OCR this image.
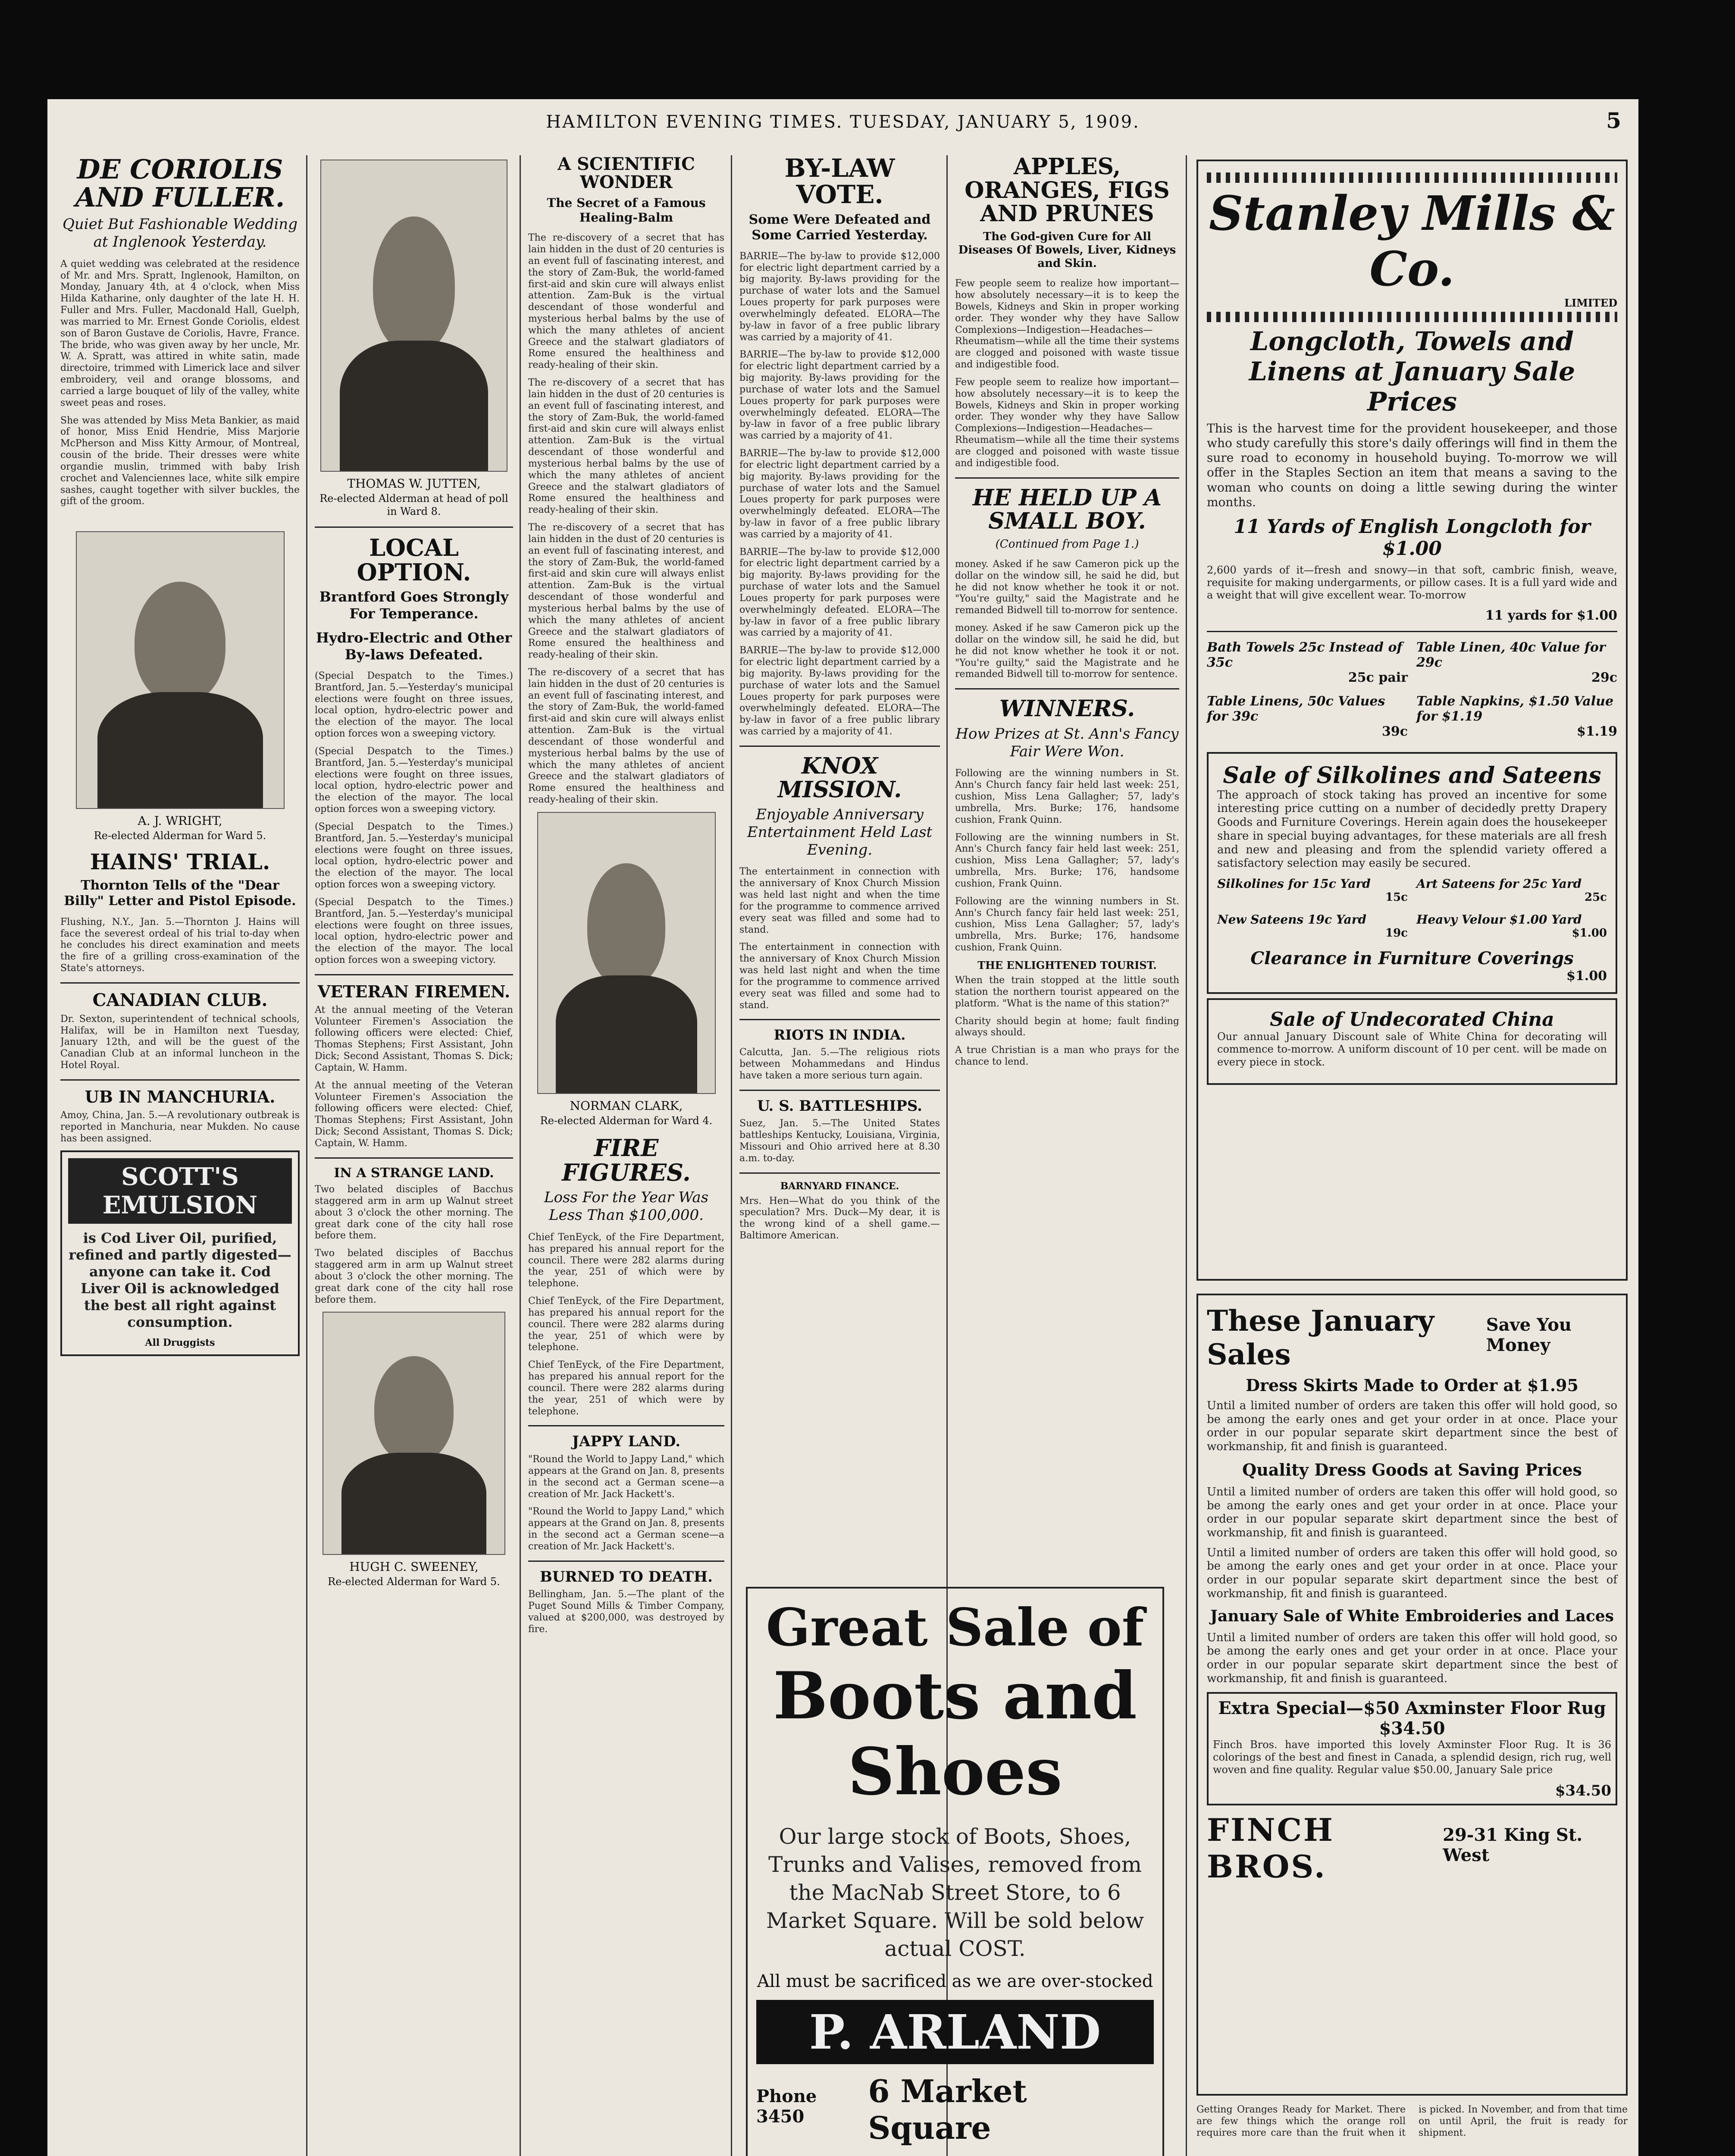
HAMILTON EVENING TIMES. TUESDAY, JANUARY 5, 1909.	5
DE CORIOLIS AND FULLER.
Quiet But Fashionable Wedding at Inglenook Yesterday.

A quiet wedding was celebrated at the residence of Mr. and Mrs. Spratt, Inglenook, Hamilton, on Monday, January 4th, at 4 o'clock, when Miss Hilda Katharine, only daughter of the late H. H. Fuller and Mrs. Fuller, Macdonald Hall, Guelph, was married to Mr. Ernest Gonde Coriolis, eldest son of Baron Gustave de Coriolis, Havre, France. The bride, who was given away by her uncle, Mr. W. A. Spratt, was attired in white satin, made directoire, trimmed with Limerick lace and silver embroidery, veil and orange blossoms, and carried a large bouquet of lily of the valley, white sweet peas and roses.

She was attended by Miss Meta Bankier, as maid of honor, Miss Enid Hendrie, Miss Marjorie McPherson and Miss Kitty Armour, of Montreal, cousin of the bride. Their dresses were white organdie muslin, trimmed with baby Irish crochet and Valenciennes lace, white silk empire sashes, caught together with silver buckles, the gift of the groom.

A. J. WRIGHT,
Re-elected Alderman for Ward 5.
HAINS' TRIAL.
Thornton Tells of the "Dear Billy" Letter and Pistol Episode.

Flushing, N.Y., Jan. 5.—Thornton J. Hains will face the severest ordeal of his trial to-day when he concludes his direct examination and meets the fire of a grilling cross-examination of the State's attorneys.

CANADIAN CLUB.

Dr. Sexton, superintendent of technical schools, Halifax, will be in Hamilton next Tuesday, January 12th, and will be the guest of the Canadian Club at an informal luncheon in the Hotel Royal.

UB IN MANCHURIA.

Amoy, China, Jan. 5.—A revolutionary outbreak is reported in Manchuria, near Mukden. No cause has been assigned.

SCOTT'S EMULSION

is Cod Liver Oil, purified, refined and partly digested—anyone can take it. Cod Liver Oil is acknowledged the best all right against consumption.

All Druggists
THOMAS W. JUTTEN,
Re-elected Alderman at head of poll in Ward 8.
LOCAL OPTION.
Brantford Goes Strongly For Temperance.
Hydro-Electric and Other By-laws Defeated.

(Special Despatch to the Times.) Brantford, Jan. 5.—Yesterday's municipal elections were fought on three issues, local option, hydro-electric power and the election of the mayor. The local option forces won a sweeping victory.

(Special Despatch to the Times.) Brantford, Jan. 5.—Yesterday's municipal elections were fought on three issues, local option, hydro-electric power and the election of the mayor. The local option forces won a sweeping victory.

(Special Despatch to the Times.) Brantford, Jan. 5.—Yesterday's municipal elections were fought on three issues, local option, hydro-electric power and the election of the mayor. The local option forces won a sweeping victory.

(Special Despatch to the Times.) Brantford, Jan. 5.—Yesterday's municipal elections were fought on three issues, local option, hydro-electric power and the election of the mayor. The local option forces won a sweeping victory.

VETERAN FIREMEN.

At the annual meeting of the Veteran Volunteer Firemen's Association the following officers were elected: Chief, Thomas Stephens; First Assistant, John Dick; Second Assistant, Thomas S. Dick; Captain, W. Hamm.

At the annual meeting of the Veteran Volunteer Firemen's Association the following officers were elected: Chief, Thomas Stephens; First Assistant, John Dick; Second Assistant, Thomas S. Dick; Captain, W. Hamm.

IN A STRANGE LAND.

Two belated disciples of Bacchus staggered arm in arm up Walnut street about 3 o'clock the other morning. The great dark cone of the city hall rose before them.

Two belated disciples of Bacchus staggered arm in arm up Walnut street about 3 o'clock the other morning. The great dark cone of the city hall rose before them.

HUGH C. SWEENEY,
Re-elected Alderman for Ward 5.
A SCIENTIFIC WONDER
The Secret of a Famous Healing-Balm

The re-discovery of a secret that has lain hidden in the dust of 20 centuries is an event full of fascinating interest, and the story of Zam-Buk, the world-famed first-aid and skin cure will always enlist attention. Zam-Buk is the virtual descendant of those wonderful and mysterious herbal balms by the use of which the many athletes of ancient Greece and the stalwart gladiators of Rome ensured the healthiness and ready-healing of their skin.

The re-discovery of a secret that has lain hidden in the dust of 20 centuries is an event full of fascinating interest, and the story of Zam-Buk, the world-famed first-aid and skin cure will always enlist attention. Zam-Buk is the virtual descendant of those wonderful and mysterious herbal balms by the use of which the many athletes of ancient Greece and the stalwart gladiators of Rome ensured the healthiness and ready-healing of their skin.

The re-discovery of a secret that has lain hidden in the dust of 20 centuries is an event full of fascinating interest, and the story of Zam-Buk, the world-famed first-aid and skin cure will always enlist attention. Zam-Buk is the virtual descendant of those wonderful and mysterious herbal balms by the use of which the many athletes of ancient Greece and the stalwart gladiators of Rome ensured the healthiness and ready-healing of their skin.

The re-discovery of a secret that has lain hidden in the dust of 20 centuries is an event full of fascinating interest, and the story of Zam-Buk, the world-famed first-aid and skin cure will always enlist attention. Zam-Buk is the virtual descendant of those wonderful and mysterious herbal balms by the use of which the many athletes of ancient Greece and the stalwart gladiators of Rome ensured the healthiness and ready-healing of their skin.

NORMAN CLARK,
Re-elected Alderman for Ward 4.
FIRE FIGURES.
Loss For the Year Was Less Than $100,000.

Chief TenEyck, of the Fire Department, has prepared his annual report for the council. There were 282 alarms during the year, 251 of which were by telephone.

Chief TenEyck, of the Fire Department, has prepared his annual report for the council. There were 282 alarms during the year, 251 of which were by telephone.

Chief TenEyck, of the Fire Department, has prepared his annual report for the council. There were 282 alarms during the year, 251 of which were by telephone.

JAPPY LAND.

"Round the World to Jappy Land," which appears at the Grand on Jan. 8, presents in the second act a German scene—a creation of Mr. Jack Hackett's.

"Round the World to Jappy Land," which appears at the Grand on Jan. 8, presents in the second act a German scene—a creation of Mr. Jack Hackett's.

BURNED TO DEATH.

Bellingham, Jan. 5.—The plant of the Puget Sound Mills & Timber Company, valued at $200,000, was destroyed by fire.

BY-LAW VOTE.
Some Were Defeated and Some Carried Yesterday.

BARRIE—The by-law to provide $12,000 for electric light department carried by a big majority. By-laws providing for the purchase of water lots and the Samuel Loues property for park purposes were overwhelmingly defeated. ELORA—The by-law in favor of a free public library was carried by a majority of 41.

BARRIE—The by-law to provide $12,000 for electric light department carried by a big majority. By-laws providing for the purchase of water lots and the Samuel Loues property for park purposes were overwhelmingly defeated. ELORA—The by-law in favor of a free public library was carried by a majority of 41.

BARRIE—The by-law to provide $12,000 for electric light department carried by a big majority. By-laws providing for the purchase of water lots and the Samuel Loues property for park purposes were overwhelmingly defeated. ELORA—The by-law in favor of a free public library was carried by a majority of 41.

BARRIE—The by-law to provide $12,000 for electric light department carried by a big majority. By-laws providing for the purchase of water lots and the Samuel Loues property for park purposes were overwhelmingly defeated. ELORA—The by-law in favor of a free public library was carried by a majority of 41.

BARRIE—The by-law to provide $12,000 for electric light department carried by a big majority. By-laws providing for the purchase of water lots and the Samuel Loues property for park purposes were overwhelmingly defeated. ELORA—The by-law in favor of a free public library was carried by a majority of 41.

KNOX MISSION.
Enjoyable Anniversary Entertainment Held Last Evening.

The entertainment in connection with the anniversary of Knox Church Mission was held last night and when the time for the programme to commence arrived every seat was filled and some had to stand.

The entertainment in connection with the anniversary of Knox Church Mission was held last night and when the time for the programme to commence arrived every seat was filled and some had to stand.

RIOTS IN INDIA.

Calcutta, Jan. 5.—The religious riots between Mohammedans and Hindus have taken a more serious turn again.

U. S. BATTLESHIPS.

Suez, Jan. 5.—The United States battleships Kentucky, Louisiana, Virginia, Missouri and Ohio arrived here at 8.30 a.m. to-day.

BARNYARD FINANCE.

Mrs. Hen—What do you think of the speculation? Mrs. Duck—My dear, it is the wrong kind of a shell game.—Baltimore American.

APPLES, ORANGES, FIGS AND PRUNES
The God-given Cure for All Diseases Of Bowels, Liver, Kidneys and Skin.

Few people seem to realize how important—how absolutely necessary—it is to keep the Bowels, Kidneys and Skin in proper working order. They wonder why they have Sallow Complexions—Indigestion—Headaches—Rheumatism—while all the time their systems are clogged and poisoned with waste tissue and indigestible food.

Few people seem to realize how important—how absolutely necessary—it is to keep the Bowels, Kidneys and Skin in proper working order. They wonder why they have Sallow Complexions—Indigestion—Headaches—Rheumatism—while all the time their systems are clogged and poisoned with waste tissue and indigestible food.

HE HELD UP A SMALL BOY.
(Continued from Page 1.)

money. Asked if he saw Cameron pick up the dollar on the window sill, he said he did, but he did not know whether he took it or not. "You're guilty," said the Magistrate and he remanded Bidwell till to-morrow for sentence.

money. Asked if he saw Cameron pick up the dollar on the window sill, he said he did, but he did not know whether he took it or not. "You're guilty," said the Magistrate and he remanded Bidwell till to-morrow for sentence.

WINNERS.
How Prizes at St. Ann's Fancy Fair Were Won.

Following are the winning numbers in St. Ann's Church fancy fair held last week: 251, cushion, Miss Lena Gallagher; 57, lady's umbrella, Mrs. Burke; 176, handsome cushion, Frank Quinn.

Following are the winning numbers in St. Ann's Church fancy fair held last week: 251, cushion, Miss Lena Gallagher; 57, lady's umbrella, Mrs. Burke; 176, handsome cushion, Frank Quinn.

Following are the winning numbers in St. Ann's Church fancy fair held last week: 251, cushion, Miss Lena Gallagher; 57, lady's umbrella, Mrs. Burke; 176, handsome cushion, Frank Quinn.

THE ENLIGHTENED TOURIST.

When the train stopped at the little south station the northern tourist appeared on the platform. "What is the name of this station?"

Charity should begin at home; fault finding always should.

A true Christian is a man who prays for the chance to lend.

Great Sale of
Boots and Shoes

Our large stock of Boots, Shoes, Trunks and Valises, removed from the MacNab Street Store, to 6 Market Square. Will be sold below actual COST.

All must be sacrificed as we are over-stocked
P. ARLAND
Phone 3450
6 Market Square
Stanley Mills & Co.
LIMITED
Longcloth, Towels and Linens at January Sale Prices

This is the harvest time for the provident housekeeper, and those who study carefully this store's daily offerings will find in them the sure road to economy in household buying. To-morrow we will offer in the Staples Section an item that means a saving to the woman who counts on doing a little sewing during the winter months.

11 Yards of English Longcloth for $1.00

2,600 yards of it—fresh and snowy—in that soft, cambric finish, weave, requisite for making undergarments, or pillow cases. It is a full yard wide and a weight that will give excellent wear. To-morrow

11 yards for $1.00
Bath Towels 25c Instead of 35c
25c pair
Table Linen, 40c Value for 29c
29c
Table Linens, 50c Values for 39c
39c
Table Napkins, $1.50 Value for $1.19
$1.19
Sale of Silkolines and Sateens

The approach of stock taking has proved an incentive for some interesting price cutting on a number of decidedly pretty Drapery Goods and Furniture Coverings. Herein again does the housekeeper share in special buying advantages, for these materials are all fresh and new and pleasing and from the splendid variety offered a satisfactory selection may easily be secured.

Silkolines for 15c Yard
15c
Art Sateens for 25c Yard
25c
New Sateens 19c Yard
19c
Heavy Velour $1.00 Yard
$1.00
Clearance in Furniture Coverings
$1.00
Sale of Undecorated China

Our annual January Discount sale of White China for decorating will commence to-morrow. A uniform discount of 10 per cent. will be made on every piece in stock.

These January Sales
Save You Money
Dress Skirts Made to Order at $1.95

Until a limited number of orders are taken this offer will hold good, so be among the early ones and get your order in at once. Place your order in our popular separate skirt department since the best of workmanship, fit and finish is guaranteed.

Quality Dress Goods at Saving Prices

Until a limited number of orders are taken this offer will hold good, so be among the early ones and get your order in at once. Place your order in our popular separate skirt department since the best of workmanship, fit and finish is guaranteed.

Until a limited number of orders are taken this offer will hold good, so be among the early ones and get your order in at once. Place your order in our popular separate skirt department since the best of workmanship, fit and finish is guaranteed.

January Sale of White Embroideries and Laces

Until a limited number of orders are taken this offer will hold good, so be among the early ones and get your order in at once. Place your order in our popular separate skirt department since the best of workmanship, fit and finish is guaranteed.

Extra Special—$50 Axminster Floor Rug $34.50

Finch Bros. have imported this lovely Axminster Floor Rug. It is 36 colorings of the best and finest in Canada, a splendid design, rich rug, well woven and fine quality. Regular value $50.00, January Sale price

$34.50
FINCH BROS.
29-31 King St. West

Getting Oranges Ready for Market. There are few things which the orange roll requires more care than the fruit when it is picked. In November, and from that time on until April, the fruit is ready for shipment.
